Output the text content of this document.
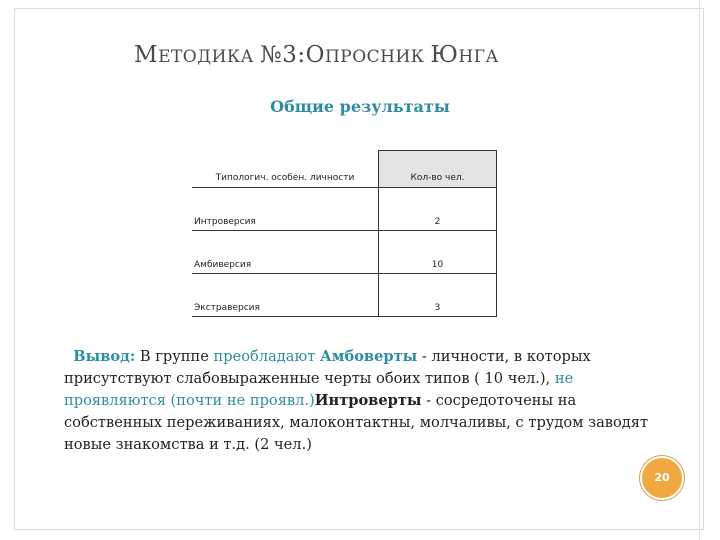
МЕТОДИКА №3:ОПРОСНИК ЮНГА
Общие результаты
Типологич. особен. личности	Кол-во чел.
Интроверсия	2
Амбиверсия	10
Экстраверсия	3

Вывод: В группе преобладают Амбоверты - личности, в которых присутствуют слабовыраженные черты обоих типов ( 10 чел.), не проявляются (почти не проявл.)Интроверты - сосредоточены на собственных переживаниях, малоконтактны, молчаливы, с трудом заводят новые знакомства и т.д. (2 чел.)

20
